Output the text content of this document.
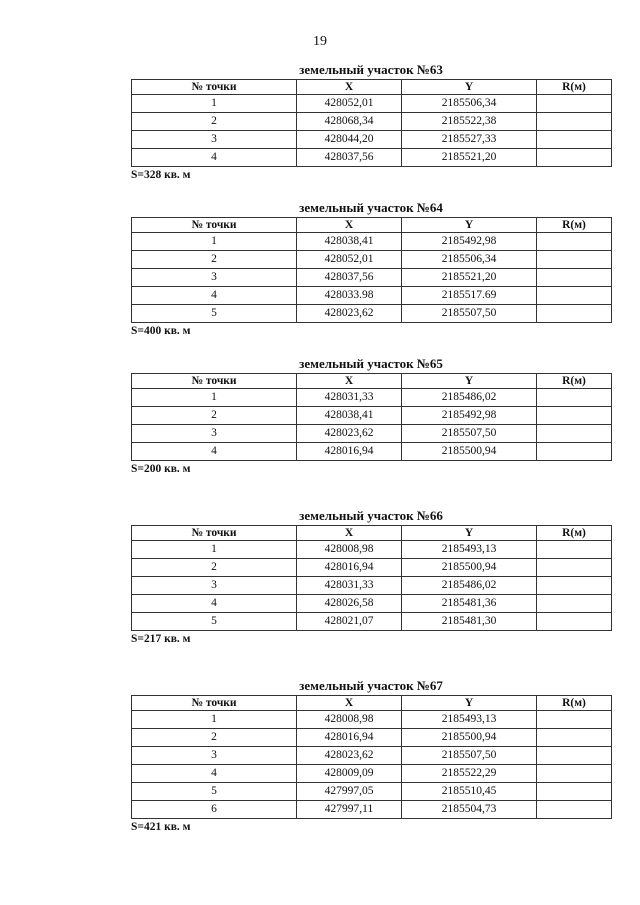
19
земельный участок №63
№ точки	X	Y	R(м)
1	428052,01	2185506,34	
2	428068,34	2185522,38	
3	428044,20	2185527,33	
4	428037,56	2185521,20	
S=328 кв. м
земельный участок №64
№ точки	X	Y	R(м)
1	428038,41	2185492,98	
2	428052,01	2185506,34	
3	428037,56	2185521,20	
4	428033.98	2185517.69	
5	428023,62	2185507,50	
S=400 кв. м
земельный участок №65
№ точки	X	Y	R(м)
1	428031,33	2185486,02	
2	428038,41	2185492,98	
3	428023,62	2185507,50	
4	428016,94	2185500,94	
S=200 кв. м
земельный участок №66
№ точки	X	Y	R(м)
1	428008,98	2185493,13	
2	428016,94	2185500,94	
3	428031,33	2185486,02	
4	428026,58	2185481,36	
5	428021,07	2185481,30	
S=217 кв. м
земельный участок №67
№ точки	X	Y	R(м)
1	428008,98	2185493,13	
2	428016,94	2185500,94	
3	428023,62	2185507,50	
4	428009,09	2185522,29	
5	427997,05	2185510,45	
6	427997,11	2185504,73	
S=421 кв. м
